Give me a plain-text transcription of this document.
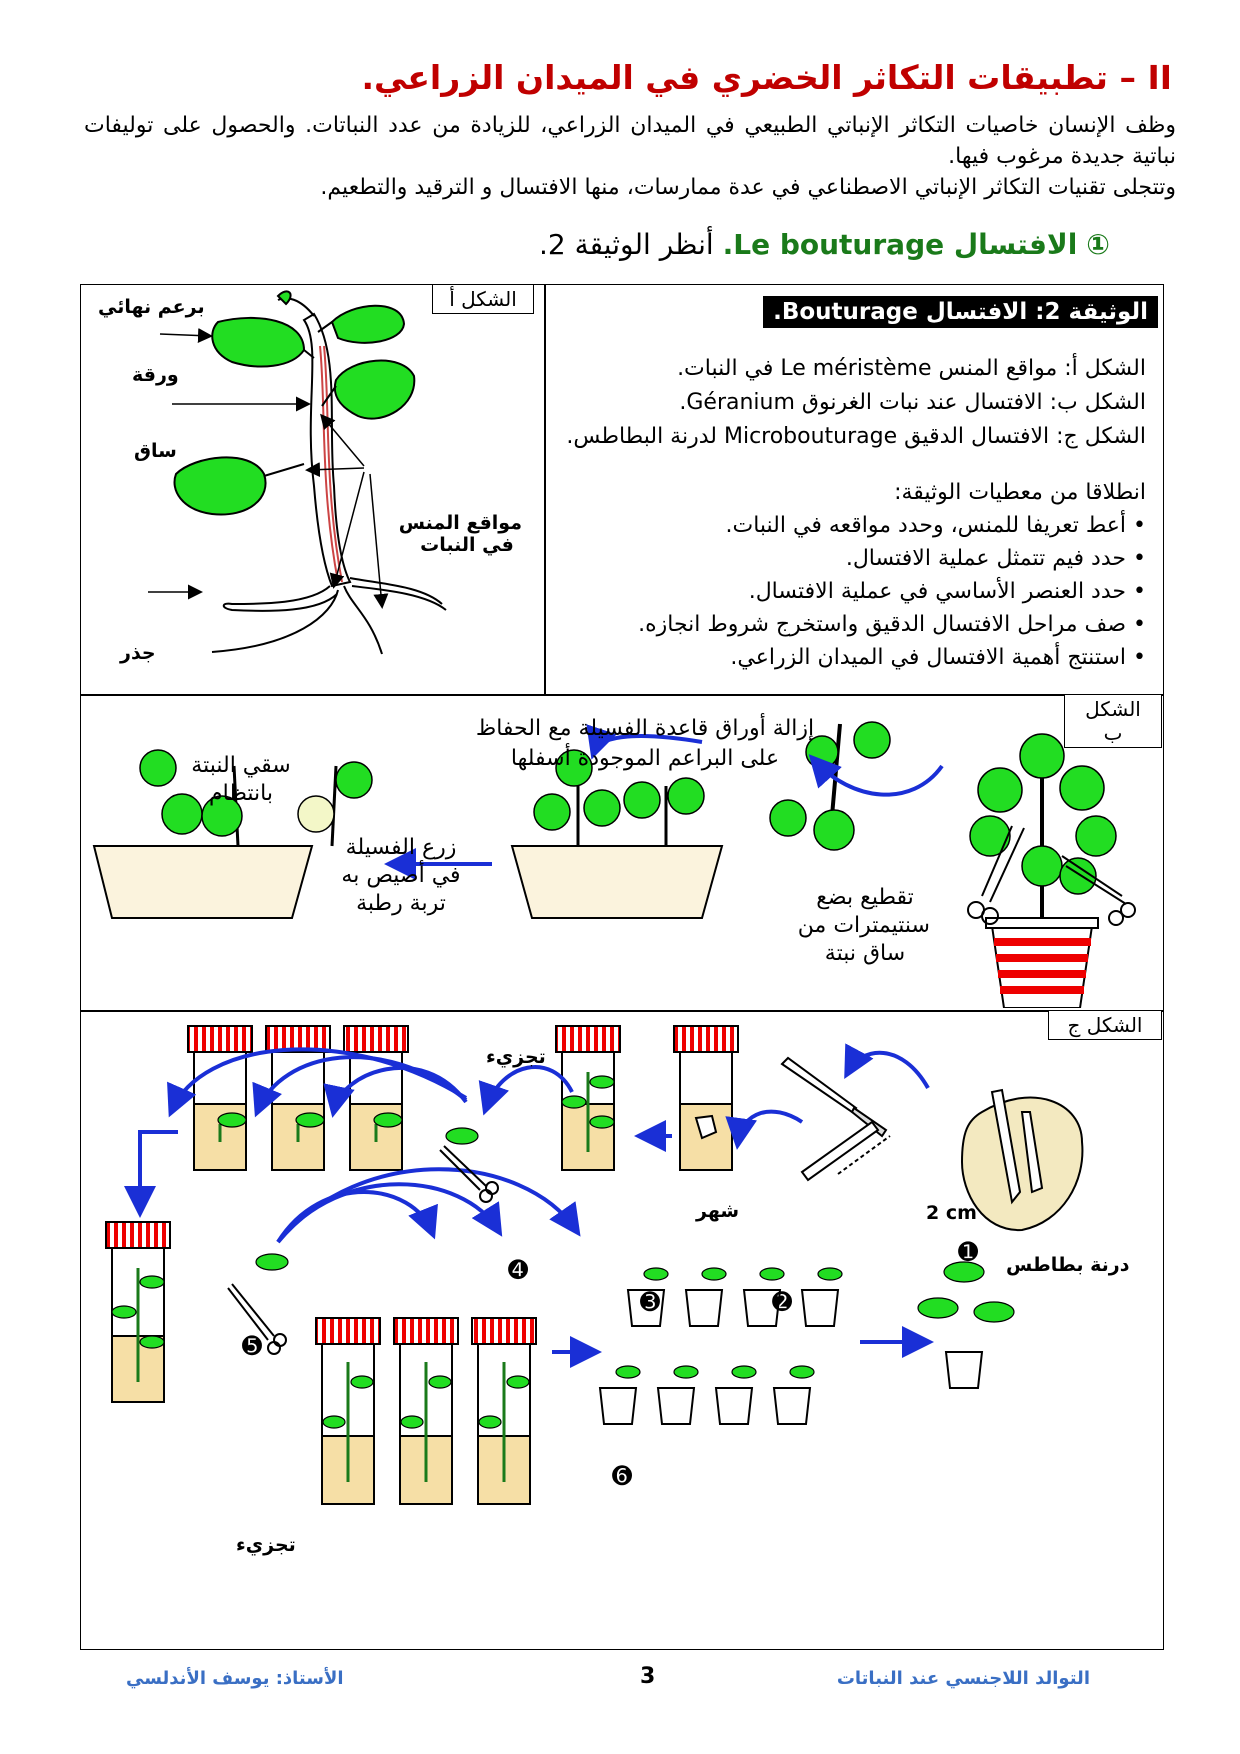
II – تطبيقات التكاثر الخضري في الميدان الزراعي.
وظف الإنسان خاصيات التكاثر الإنباتي الطبيعي في الميدان الزراعي، للزيادة من عدد النباتات. والحصول على توليفات نباتية جديدة مرغوب فيها.
وتتجلى تقنيات التكاثر الإنباتي الاصطناعي في عدة ممارسات، منها الافتسال و الترقيد والتطعيم.
① الافتسال Le bouturage. أنظر الوثيقة 2.
الوثيقة 2: الافتسال Bouturage.
الشكل أ: مواقع المنس Le méristème في النبات.
الشكل ب: الافتسال عند نبات الغرنوق Géranium.
الشكل ج: الافتسال الدقيق Microbouturage لدرنة البطاطس.
انطلاقا من معطيات الوثيقة:
• أعط تعريفا للمنس، وحدد مواقعه في النبات.
• حدد فيم تتمثل عملية الافتسال.
• حدد العنصر الأساسي في عملية الافتسال.
• صف مراحل الافتسال الدقيق واستخرج شروط انجازه.
• استنتج أهمية الافتسال في الميدان الزراعي.
الشكل أ
الشكل ب
الشكل ج
برعم نهائي
ورقة
ساق
جذر
مواقع المنس
في النبات
تقطيع بضع
سنتيمترات من
ساق نبتة
إزالة أوراق قاعدة الفسيلة مع الحفاظ
على البراعم الموجودة أسفلها
زرع الفسيلة
في أصيص به
تربة رطبة
سقي النبتة
بانتظام
درنة بطاطس
2 cm
شهر
تجزيء
تجزيء
➊
➋
➌
➍
➎
➏
التوالد اللاجنسي عند النباتات
3
الأستاذ: يوسف الأندلسي
